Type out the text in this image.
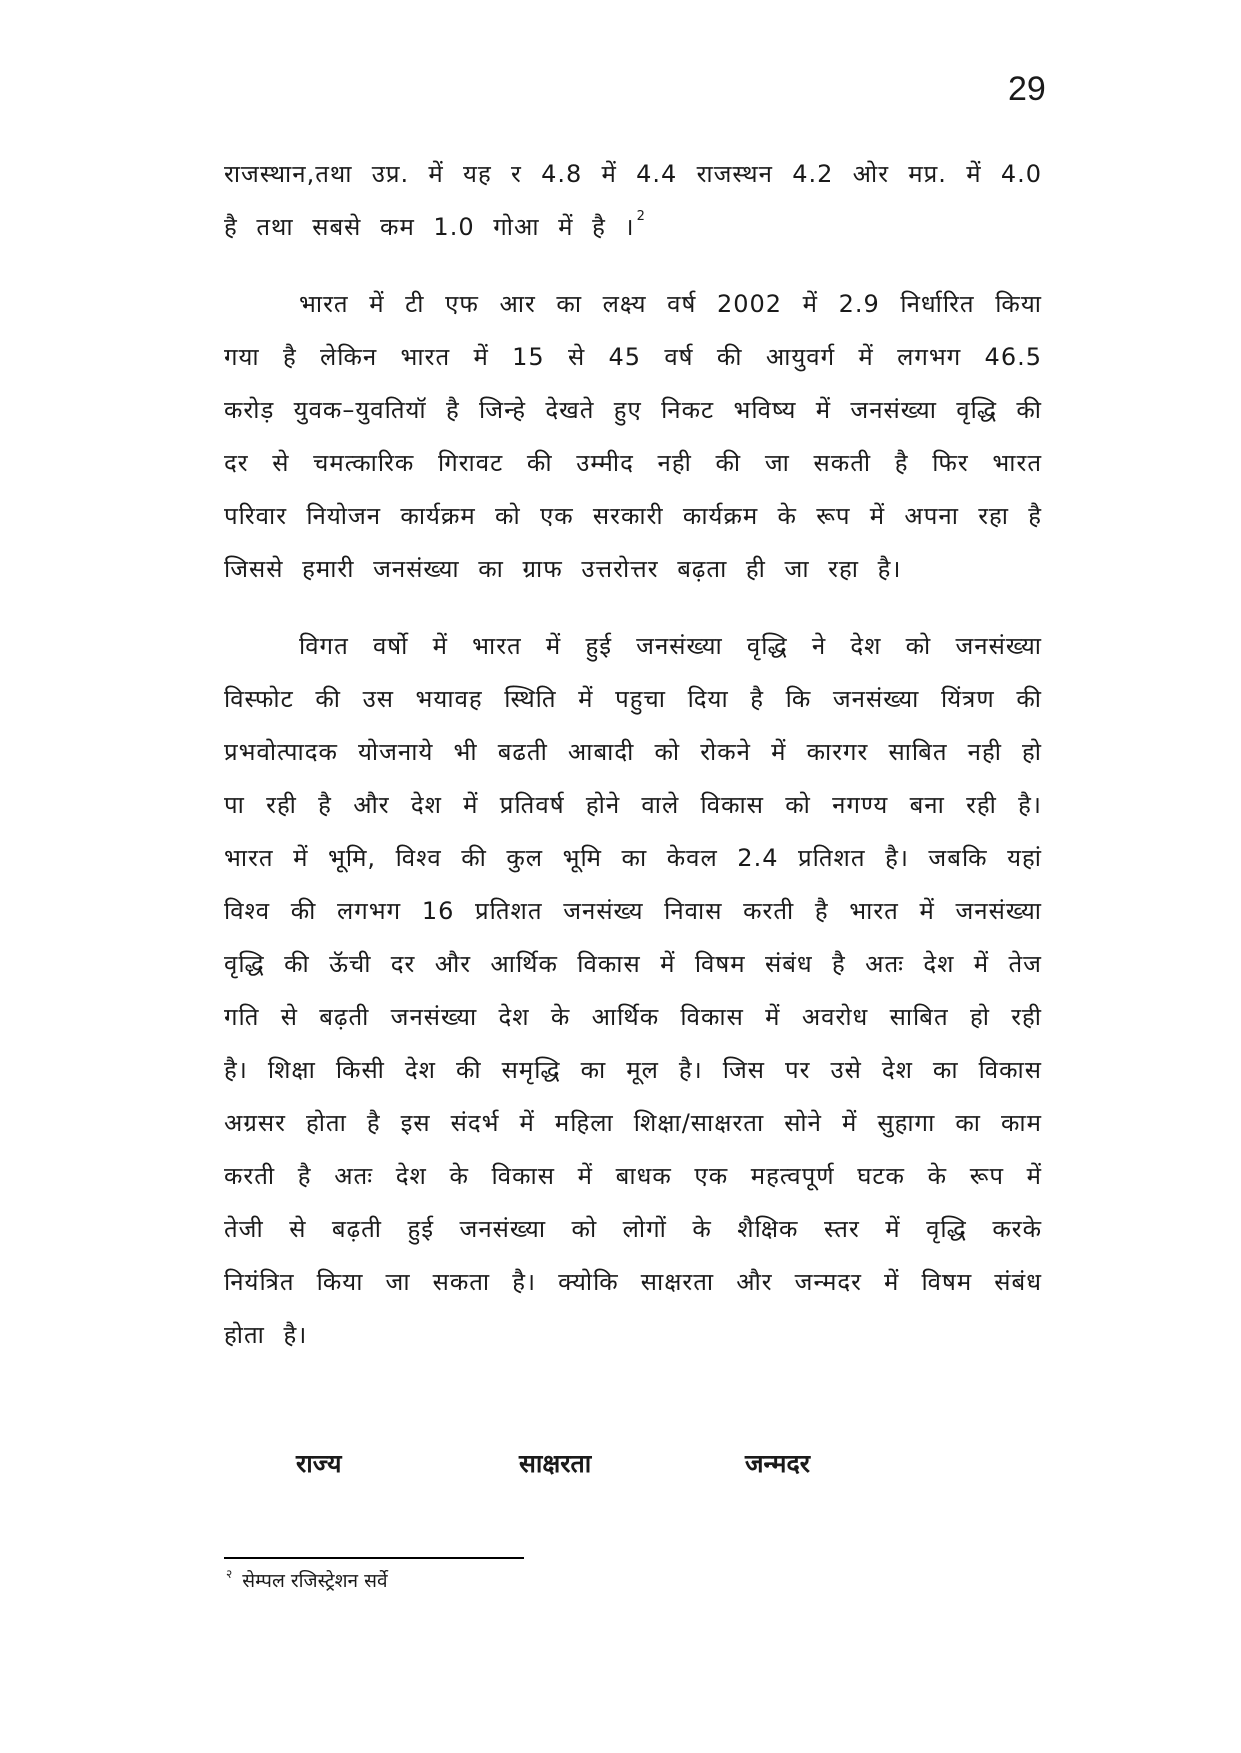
29

राजस्थान,तथा उप्र. में यह र 4.8 में 4.4 राजस्थन 4.2 ओर मप्र. में 4.0 है तथा सबसे कम 1.0 गोआ में है । $^2$

भारत में टी एफ आर का लक्ष्य वर्ष 2002 में 2.9 निर्धारित किया गया है लेकिन भारत में 15 से 45 वर्ष की आयुवर्ग में लगभग 46.5 करोड़ युवक–युवतियॉ है जिन्हे देखते हुए निकट भविष्य में जनसंख्या वृद्धि की दर से चमत्कारिक गिरावट की उम्मीद नही की जा सकती है फिर भारत परिवार नियोजन कार्यक्रम को एक सरकारी कार्यक्रम के रूप में अपना रहा है जिससे हमारी जनसंख्या का ग्राफ उत्तरोत्तर बढ़ता ही जा रहा है।

विगत वर्षो में भारत में हुई जनसंख्या वृद्धि ने देश को जनसंख्या विस्फोट की उस भयावह स्थिति में पहुचा दिया है कि जनसंख्या यिंत्रण की प्रभवोत्पादक योजनाये भी बढती आबादी को रोकने में कारगर साबित नही हो पा रही है और देश में प्रतिवर्ष होने वाले विकास को नगण्य बना रही है। भारत में भूमि, विश्व की कुल भूमि का केवल 2.4 प्रतिशत है। जबकि यहां विश्व की लगभग 16 प्रतिशत जनसंख्य निवास करती है भारत में जनसंख्या वृद्धि की ऊॅची दर और आर्थिक विकास में विषम संबंध है अतः देश में तेज गति से बढ़ती जनसंख्या देश के आर्थिक विकास में अवरोध साबित हो रही है। शिक्षा किसी देश की समृद्धि का मूल है। जिस पर उसे देश का विकास अग्रसर होता है इस संदर्भ में महिला शिक्षा/साक्षरता सोने में सुहागा का काम करती है अतः देश के विकास में बाधक एक महत्वपूर्ण घटक के रूप में तेजी से बढ़ती हुई जनसंख्या को लोगों के शैक्षिक स्तर में वृद्धि करके नियंत्रित किया जा सकता है। क्योकि साक्षरता और जन्मदर में विषम संबंध होता है।

राज्य	साक्षरता	जन्मदर
$^२$ सेम्पल रजिस्ट्रेशन सर्वे
